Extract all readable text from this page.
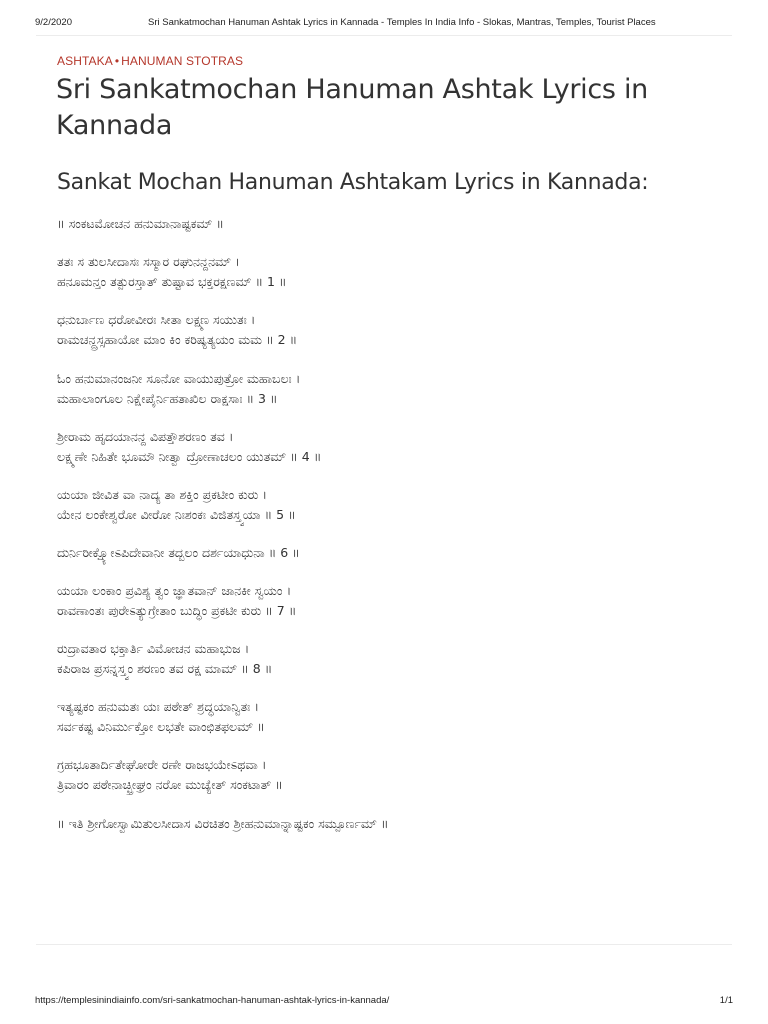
9/2/2020	Sri Sankatmochan Hanuman Ashtak Lyrics in Kannada - Temples In India Info - Slokas, Mantras, Temples, Tourist Places
ASHTAKA • HANUMAN STOTRAS
Sri Sankatmochan Hanuman Ashtak Lyrics in Kannada
Sankat Mochan Hanuman Ashtakam Lyrics in Kannada:

॥ ಸಂಕಟಮೋಚನ ಹನುಮಾನಾಷ್ಟಕಮ್ ॥

ತತಃ ಸ ತುಲಸೀದಾಸಃ ಸಸ್ಮಾರ ರಘುನನ್ದನಮ್ ।
ಹನೂಮನ್ತಂ ತತ್ಪುರಸ್ತಾತ್ ತುಷ್ಟಾವ ಭಕ್ತರಕ್ಷಣಮ್ ॥ 1 ॥

ಧನುರ್ಬಾಣ ಧರೋವೀರಃ ಸೀತಾ ಲಕ್ಷ್ಮಣ ಸಯುತಃ ।
ರಾಮಚನ್ದ್ರಸ್ಸಹಾಯೋ ಮಾಂ ಕಿಂ ಕರಿಷ್ಯತ್ಯಯಂ ಮಮ ॥ 2 ॥

ಓಂ ಹನುಮಾನಂಜನೀ ಸೂನೋ ವಾಯುಪುತ್ರೋ ಮಹಾಬಲಃ ।
ಮಹಾಲಾಂಗೂಲ ನಿಕ್ಷೇಪೈರ್ನಿಹತಾಖಿಲ ರಾಕ್ಷಸಾಃ ॥ 3 ॥

ಶ್ರೀರಾಮ ಹೃದಯಾನನ್ದ ವಿಪತ್ತೌಶರಣಂ ತವ ।
ಲಕ್ಷ್ಮಣೇ ನಿಹಿತೇ ಭೂಮೌ ನೀತ್ವಾ ದ್ರೋಣಾಚಲಂ ಯುತಮ್ ॥ 4 ॥

ಯಯಾ ಜೀವಿತ ವಾ ನಾದ್ಯ ತಾ ಶಕ್ತಿಂ ಪ್ರಕಟೀಂ ಕುರು ।
ಯೇನ ಲಂಕೇಶ್ವರೋ ವೀರೋ ನಿಃಶಂಕಃ ವಿಜಿತಸ್ತ್ವಯಾ ॥ 5 ॥

ದುರ್ನಿರೀಕ್ಷ್ಯೋಽಪಿದೇವಾನೀ ತದ್ಬಲಂ ದರ್ಶಯಾಧುನಾ ॥ 6 ॥

ಯಯಾ ಲಂಕಾಂ ಪ್ರವಿಶ್ಯ ತ್ವಂ ಜ್ಞಾತವಾನ್ ಜಾನಕೀ ಸ್ವಯಂ ।
ರಾವಣಾಂತಃ ಪುರೇಽತ್ಯುಗ್ರೇತಾಂ ಬುದ್ಧಿಂ ಪ್ರಕಟೀ ಕುರು ॥ 7 ॥

ರುದ್ರಾವತಾರ ಭಕ್ತಾರ್ತಿ ವಿಮೋಚನ ಮಹಾಭುಜ ।
ಕಪಿರಾಜ ಪ್ರಸನ್ನಸ್ತ್ವಂ ಶರಣಂ ತವ ರಕ್ಷ ಮಾಮ್ ॥ 8 ॥

ಇತ್ಯಷ್ಟಕಂ ಹನುಮತಃ ಯಃ ಪಠೇತ್ ಶ್ರದ್ಧಯಾನ್ವಿತಃ ।
ಸರ್ವಕಷ್ಟ ವಿನಿರ್ಮುಕ್ತೋ ಲಭತೇ ವಾಂಛಿತಫಲಮ್ ॥

ಗ್ರಹಭೂತಾರ್ದಿತೇಘೋರೇ ರಣೇ ರಾಜಭಯೇಽಥವಾ ।
ತ್ರಿವಾರಂ ಪಠೇನಾಚ್ಛ್ರೀಘ್ರಂ ನರೋ ಮುಚ್ಯೇತ್ ಸಂಕಟಾತ್ ॥

॥ ಇತಿ ಶ್ರೀಗೋಸ್ವಾಮಿತುಲಸೀದಾಸ ವಿರಚಿತಂ ಶ್ರೀಹನುಮಾನ್ನಾಷ್ಟಕಂ ಸಮ್ಪೂರ್ಣಮ್ ॥

https://templesinindiainfo.com/sri-sankatmochan-hanuman-ashtak-lyrics-in-kannada/	1/1
